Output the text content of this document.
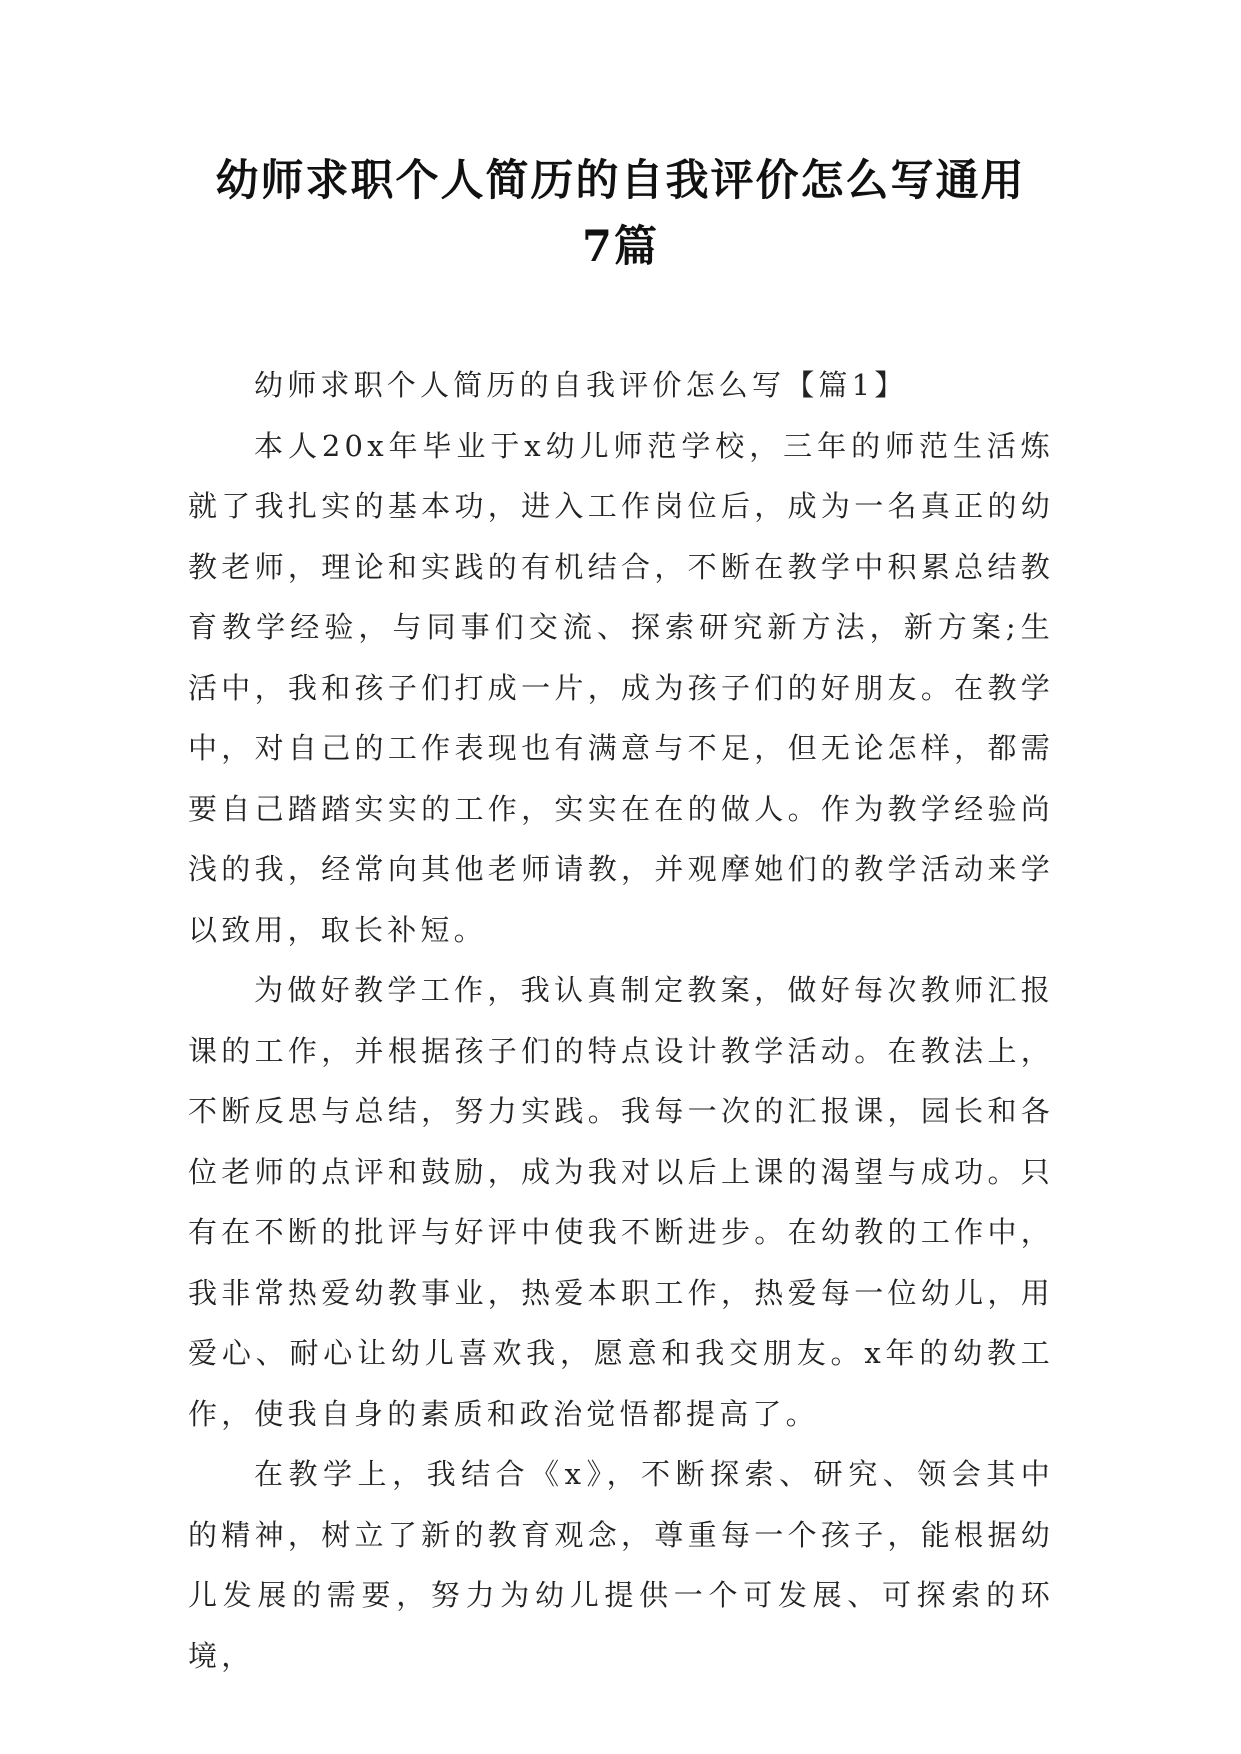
幼师求职个人简历的自我评价怎么写通用
7篇

幼师求职个人简历的自我评价怎么写【篇1】

本人20x年毕业于x幼儿师范学校，三年的师范生活炼就了我扎实的基本功，进入工作岗位后，成为一名真正的幼教老师，理论和实践的有机结合，不断在教学中积累总结教育教学经验，与同事们交流、探索研究新方法，新方案;生活中，我和孩子们打成一片，成为孩子们的好朋友。在教学中，对自己的工作表现也有满意与不足，但无论怎样，都需要自己踏踏实实的工作，实实在在的做人。作为教学经验尚浅的我，经常向其他老师请教，并观摩她们的教学活动来学以致用，取长补短。

为做好教学工作，我认真制定教案，做好每次教师汇报课的工作，并根据孩子们的特点设计教学活动。在教法上，不断反思与总结，努力实践。我每一次的汇报课，园长和各位老师的点评和鼓励，成为我对以后上课的渴望与成功。只有在不断的批评与好评中使我不断进步。在幼教的工作中，我非常热爱幼教事业，热爱本职工作，热爱每一位幼儿，用爱心、耐心让幼儿喜欢我，愿意和我交朋友。x年的幼教工作，使我自身的素质和政治觉悟都提高了。

在教学上，我结合《x》，不断探索、研究、领会其中的精神，树立了新的教育观念，尊重每一个孩子，能根据幼儿发展的需要，努力为幼儿提供一个可发展、可探索的环境，
